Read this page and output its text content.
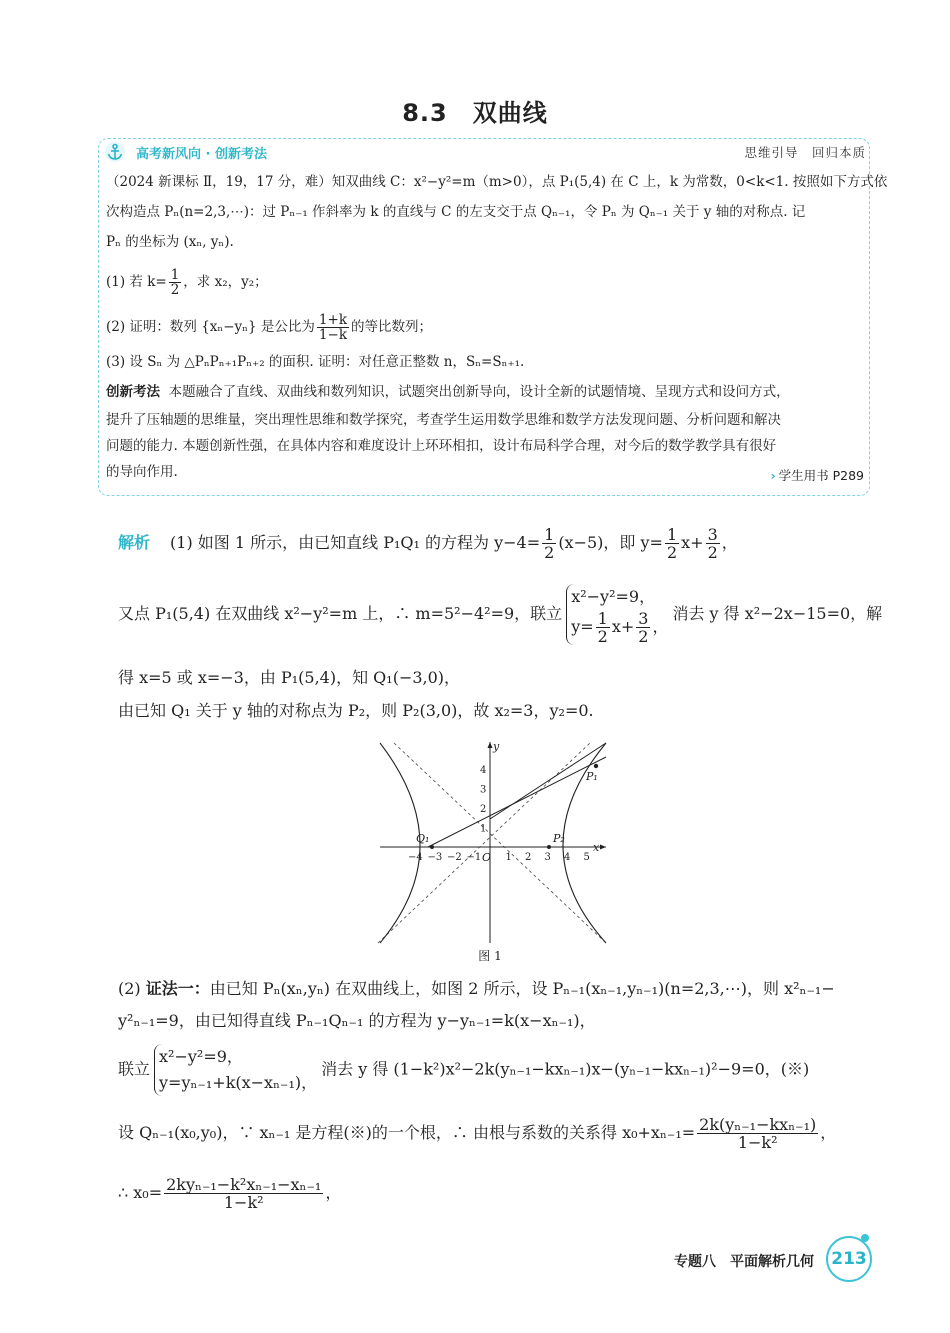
8.3　双曲线
高考新风向 · 创新考法	思维引导　回归本质
（2024 新课标 Ⅱ，19，17 分，难）知双曲线 C：x²−y²=m（m>0），点 P₁(5,4) 在 C 上，k 为常数，0<k<1. 按照如下方式依
次构造点 Pₙ(n=2,3,⋯)：过 Pₙ₋₁ 作斜率为 k 的直线与 C 的左支交于点 Qₙ₋₁，令 Pₙ 为 Qₙ₋₁ 关于 y 轴的对称点. 记
Pₙ 的坐标为 (xₙ, yₙ).
(1) 若 $k= \frac{1}{2}$ ，求 x₂，y₂；
(2) 证明：数列 {xₙ−yₙ} 是公比为 $\frac{1+k}{1-k}$ 的等比数列；
(3) 设 Sₙ 为 △PₙPₙ₊₁Pₙ₊₂ 的面积. 证明：对任意正整数 n，Sₙ=Sₙ₊₁.
创新考法 本题融合了直线、双曲线和数列知识，试题突出创新导向，设计全新的试题情境、呈现方式和设问方式，
提升了压轴题的思维量，突出理性思维和数学探究，考查学生运用数学思维和数学方法发现问题、分析问题和解决
问题的能力. 本题创新性强，在具体内容和难度设计上环环相扣，设计布局科学合理，对今后的数学教学具有很好
的导向作用.	› 学生用书 P289
解析 (1) 如图 1 所示，由已知直线 P₁Q₁ 的方程为 $y-4= \frac{1}{2} (x-5)$，即 $y= \frac{1}{2} x+ \frac{3}{2}$ ，
又点 P₁(5,4) 在双曲线 x²−y²=m 上，∴ m=5²−4²=9，联立
x²−y²=9，
$y= \frac{1}{2} x+ \frac{3}{2}$ ，
消去 y 得 x²−2x−15=0，解
得 x=5 或 x=−3，由 P₁(5,4)，知 Q₁(−3,0)，
由已知 Q₁ 关于 y 轴的对称点为 P₂，则 P₂(3,0)，故 x₂=3，y₂=0.
x
y
O
P₁
Q₁	P₂
−4 −3 −2 −1 1 2 3 4 5
1
2
3
4
图 1
(2) 证法一：由已知 Pₙ(xₙ,yₙ) 在双曲线上，如图 2 所示，设 Pₙ₋₁(xₙ₋₁,yₙ₋₁)(n=2,3,⋯)，则 x²ₙ₋₁−
y²ₙ₋₁=9，由已知得直线 Pₙ₋₁Qₙ₋₁ 的方程为 y−yₙ₋₁=k(x−xₙ₋₁)，
联立
x²−y²=9，
y=yₙ₋₁+k(x−xₙ₋₁)，
消去 y 得 (1−k²)x²−2k(yₙ₋₁−kxₙ₋₁)x−(yₙ₋₁−kxₙ₋₁)²−9=0，(※)
设 Qₙ₋₁(x₀,y₀)，∵ xₙ₋₁ 是方程(※)的一个根，∴ 由根与系数的关系得 $x_0+x_{n-1}= \frac{\text{2k(yₙ₋₁−kxₙ₋₁)}}{\text{1−k²}}$ ，
∴ $x_0= \frac{\text{2kyₙ₋₁−k²xₙ₋₁−xₙ₋₁}}{\text{1−k²}}$ ，
专题八　平面解析几何	213
